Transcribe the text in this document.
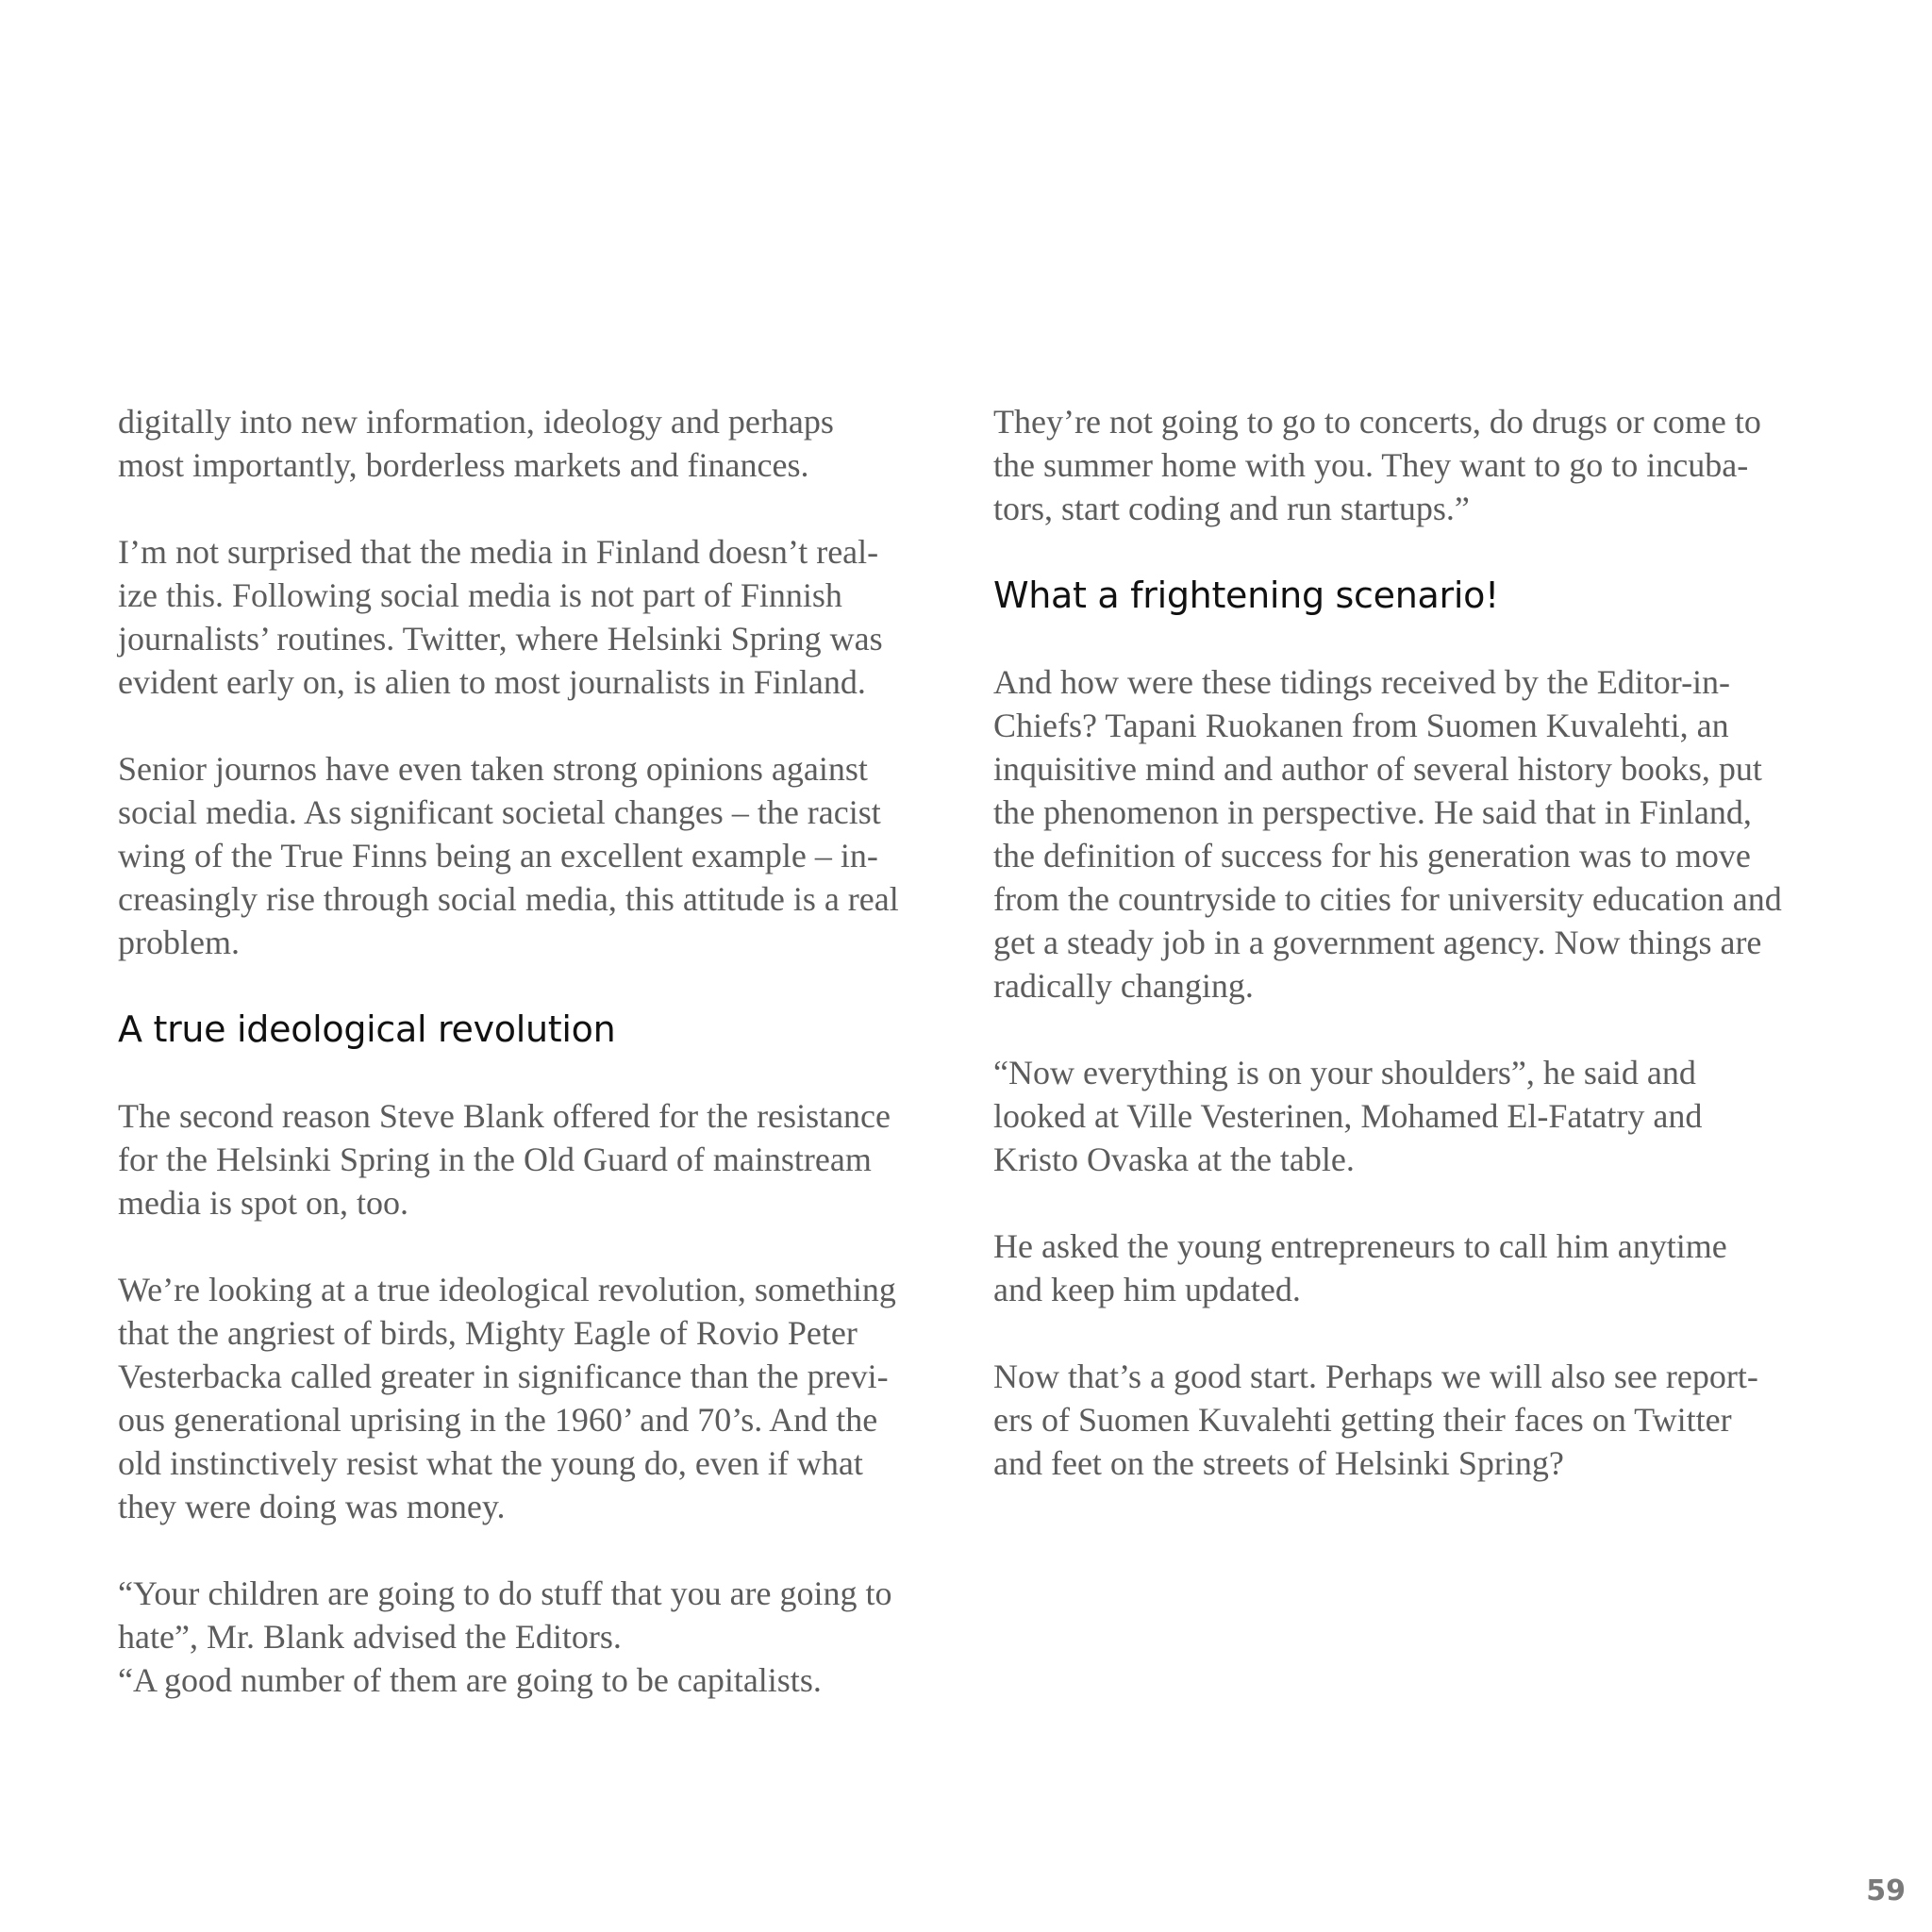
digitally into new information, ideology and perhaps
most importantly, borderless markets and finances.

I’m not surprised that the media in Finland doesn’t real-
ize this. Following social media is not part of Finnish
journalists’ routines. Twitter, where Helsinki Spring was
evident early on, is alien to most journalists in Finland.

Senior journos have even taken strong opinions against
social media. As significant societal changes – the racist
wing of the True Finns being an excellent example – in-
creasingly rise through social media, this attitude is a real
problem.

A true ideological revolution

The second reason Steve Blank offered for the resistance
for the Helsinki Spring in the Old Guard of mainstream
media is spot on, too.

We’re looking at a true ideological revolution, something
that the angriest of birds, Mighty Eagle of Rovio Peter
Vesterbacka called greater in significance than the previ-
ous generational uprising in the 1960’ and 70’s. And the
old instinctively resist what the young do, even if what
they were doing was money.

“Your children are going to do stuff that you are going to
hate”, Mr. Blank advised the Editors.
“A good number of them are going to be capitalists.

They’re not going to go to concerts, do drugs or come to
the summer home with you. They want to go to incuba-
tors, start coding and run startups.”

What a frightening scenario!

And how were these tidings received by the Editor-in-
Chiefs? Tapani Ruokanen from Suomen Kuvalehti, an
inquisitive mind and author of several history books, put
the phenomenon in perspective. He said that in Finland,
the definition of success for his generation was to move
from the countryside to cities for university education and
get a steady job in a government agency. Now things are
radically changing.

“Now everything is on your shoulders”, he said and
looked at Ville Vesterinen, Mohamed El-Fatatry and
Kristo Ovaska at the table.

He asked the young entrepreneurs to call him anytime
and keep him updated.

Now that’s a good start. Perhaps we will also see report-
ers of Suomen Kuvalehti getting their faces on Twitter
and feet on the streets of Helsinki Spring?

59
